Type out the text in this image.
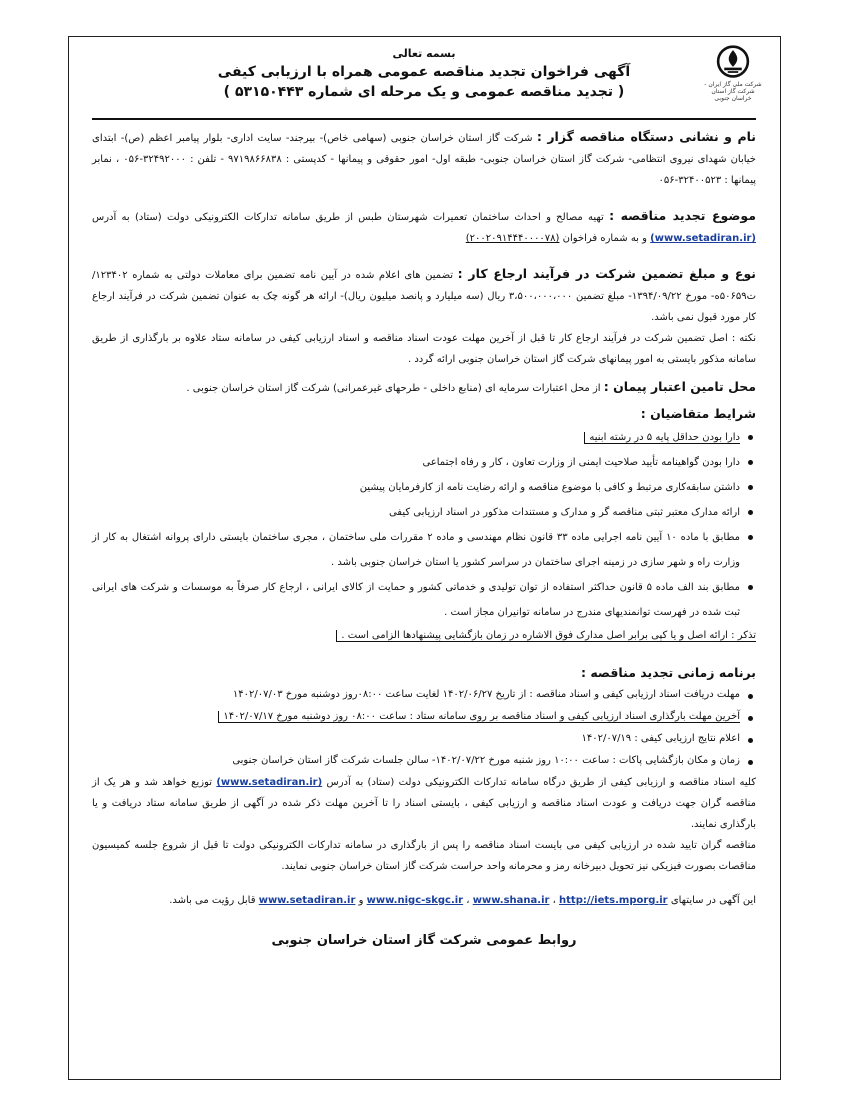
شرکت ملی گاز ایران - شرکت گاز استان خراسان جنوبی
بسمه تعالی
آگهی فراخوان تجدید مناقصه عمومی همراه با ارزیابی کیفی
( تجدید مناقصه عمومی و یک مرحله ای شماره ۵۳۱۵۰۴۴۳ )
نام و نشانی دستگاه مناقصه گزار : شرکت گاز استان خراسان جنوبی (سهامی خاص)- بیرجند- سایت اداری- بلوار پیامبر اعظم (ص)- ابتدای خیابان شهدای نیروی انتظامی- شرکت گاز استان خراسان جنوبی- طبقه اول- امور حقوقی و پیمانها - کدپستی : ۹۷۱۹۸۶۶۸۳۸ - تلفن : ۳۲۴۹۲۰۰۰-۰۵۶ ، نمابر پیمانها : ۳۲۴۰۰۵۲۳-۰۵۶
موضوع تجدید مناقصه : تهیه مصالح و احداث ساختمان تعمیرات شهرستان طبس از طریق سامانه تدارکات الکترونیکی دولت (ستاد) به آدرس (www.setadiran.ir) و به شماره فراخوان (۲۰۰۲۰۹۱۴۴۴۰۰۰۰۷۸)
نوع و مبلغ تضمین شرکت در فرآیند ارجاع کار : تضمین های اعلام شده در آیین نامه تضمین برای معاملات دولتی به شماره ۱۲۳۴۰۲/ت۵۰۶۵۹ه- مورخ ۱۳۹۴/۰۹/۲۲- مبلغ تضمین ۳،۵۰۰،۰۰۰،۰۰۰ ریال (سه میلیارد و پانصد میلیون ریال)- ارائه هر گونه چک به عنوان تضمین شرکت در فرآیند ارجاع کار مورد قبول نمی باشد.
نکته : اصل تضمین شرکت در فرآیند ارجاع کار تا قبل از آخرین مهلت عودت اسناد مناقصه و اسناد ارزیابی کیفی در سامانه ستاد علاوه بر بارگذاری از طریق سامانه مذکور بایستی به امور پیمانهای شرکت گاز استان خراسان جنوبی ارائه گردد .
محل تامین اعتبار پیمان : از محل اعتبارات سرمایه ای (منابع داخلی - طرحهای غیرعمرانی) شرکت گاز استان خراسان جنوبی .
شرایط متقاضیان :
دارا بودن حداقل پایه ۵ در رشته ابنیه
دارا بودن گواهینامه تأیید صلاحیت ایمنی از وزارت تعاون ، کار و رفاه اجتماعی
داشتن سابقه‌کاری مرتبط و کافی با موضوع مناقصه و ارائه رضایت نامه از کارفرمایان پیشین
ارائه مدارک معتبر ثبتی مناقصه گر و مدارک و مستندات مذکور در اسناد ارزیابی کیفی
مطابق با ماده ۱۰ آیین نامه اجرایی ماده ۳۳ قانون نظام مهندسی و ماده ۲ مقررات ملی ساختمان ، مجری ساختمان بایستی دارای پروانه اشتغال به کار از وزارت راه و شهر سازی در زمینه اجرای ساختمان در سراسر کشور یا استان خراسان جنوبی باشد .
مطابق بند الف ماده ۵ قانون حداکثر استفاده از توان تولیدی و خدماتی کشور و حمایت از کالای ایرانی ، ارجاع کار صرفاً به موسسات و شرکت های ایرانی ثبت شده در فهرست توانمندیهای مندرج در سامانه توانیران مجاز است .
تذکر : ارائه اصل و یا کپی برابر اصل مدارک فوق الاشاره در زمان بازگشایی پیشنهادها الزامی است .
برنامه زمانی تجدید مناقصه :
مهلت دریافت اسناد ارزیابی کیفی و اسناد مناقصه : از تاریخ ۱۴۰۲/۰۶/۲۷ لغایت ساعت ۰۸:۰۰روز دوشنبه مورخ ۱۴۰۲/۰۷/۰۳
آخرین مهلت بارگذاری اسناد ارزیابی کیفی و اسناد مناقصه بر روی سامانه ستاد : ساعت ۰۸:۰۰ روز دوشنبه مورخ ۱۴۰۲/۰۷/۱۷
اعلام نتایج ارزیابی کیفی : ۱۴۰۲/۰۷/۱۹
زمان و مکان بازگشایی پاکات : ساعت ۱۰:۰۰ روز شنبه مورخ ۱۴۰۲/۰۷/۲۲- سالن جلسات شرکت گاز استان خراسان جنوبی
کلیه اسناد مناقصه و ارزیابی کیفی از طریق درگاه سامانه تدارکات الکترونیکی دولت (ستاد) به آدرس (www.setadiran.ir) توزیع خواهد شد و هر یک از مناقصه گران جهت دریافت و عودت اسناد مناقصه و ارزیابی کیفی ، بایستی اسناد را تا آخرین مهلت ذکر شده در آگهی از طریق سامانه ستاد دریافت و یا بارگذاری نمایند.
مناقصه گران تایید شده در ارزیابی کیفی می بایست اسناد مناقصه را پس از بارگذاری در سامانه تدارکات الکترونیکی دولت تا قبل از شروع جلسه کمیسیون مناقصات بصورت فیزیکی نیز تحویل دبیرخانه رمز و محرمانه واحد حراست شرکت گاز استان خراسان جنوبی نمایند.
این آگهی در سایتهای www.nigc-skgc.ir ، www.shana.ir ، http://iets.mporg.ir و www.setadiran.ir قابل رؤیت می باشد.
روابط عمومی شرکت گاز استان خراسان جنوبی
